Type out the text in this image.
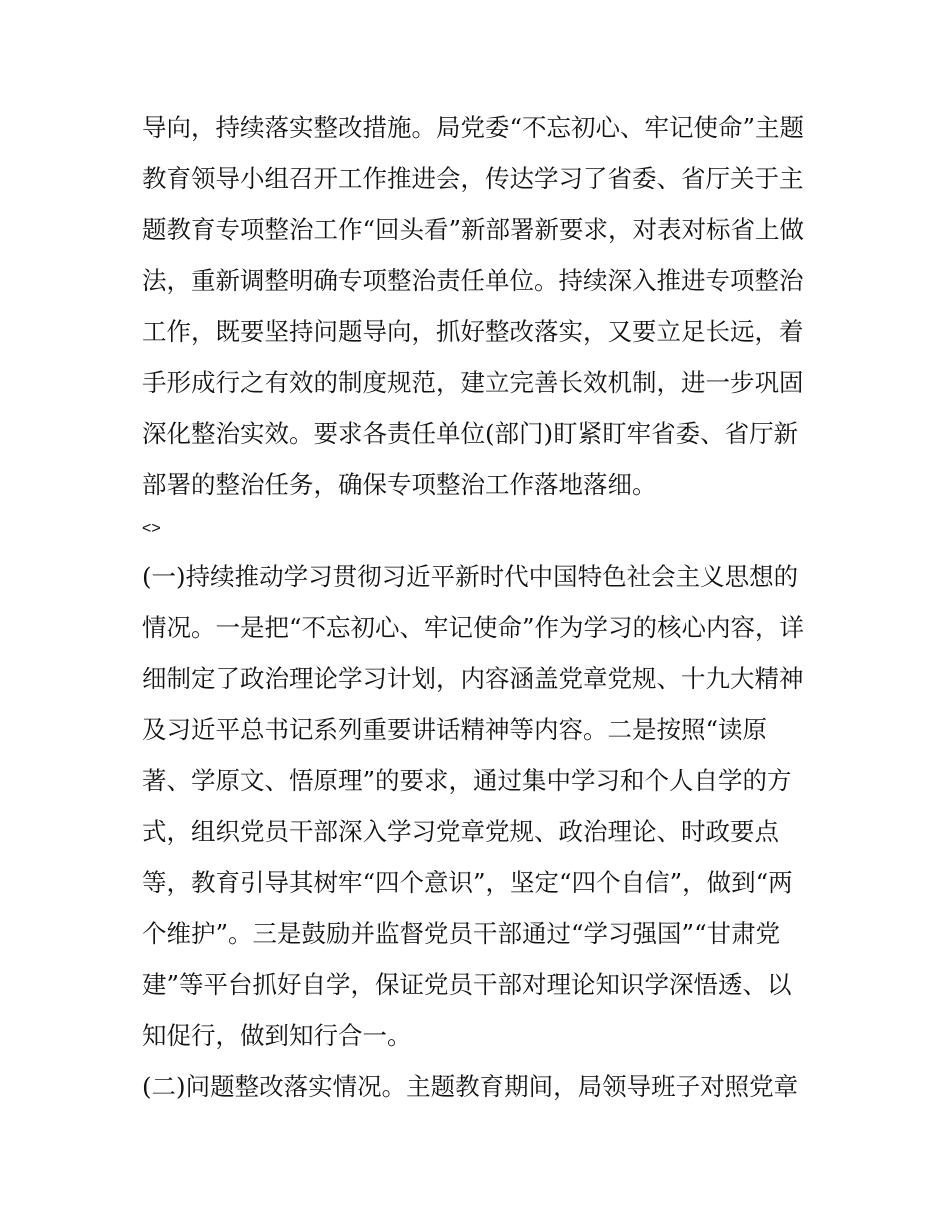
导向，持续落实整改措施。局党委“不忘初心、牢记使命”主题
教育领导小组召开工作推进会，传达学习了省委、省厅关于主
题教育专项整治工作“回头看”新部署新要求，对表对标省上做
法，重新调整明确专项整治责任单位。持续深入推进专项整治
工作，既要坚持问题导向，抓好整改落实，又要立足长远，着
手形成行之有效的制度规范，建立完善长效机制，进一步巩固
深化整治实效。要求各责任单位(部门)盯紧盯牢省委、省厅新
部署的整治任务，确保专项整治工作落地落细。
<>
(一)持续推动学习贯彻习近平新时代中国特色社会主义思想的
情况。一是把“不忘初心、牢记使命”作为学习的核心内容，详
细制定了政治理论学习计划，内容涵盖党章党规、十九大精神
及习近平总书记系列重要讲话精神等内容。二是按照“读原
著、学原文、悟原理”的要求，通过集中学习和个人自学的方
式，组织党员干部深入学习党章党规、政治理论、时政要点
等，教育引导其树牢“四个意识”，坚定“四个自信”，做到“两
个维护”。三是鼓励并监督党员干部通过“学习强国”“甘肃党
建”等平台抓好自学，保证党员干部对理论知识学深悟透、以
知促行，做到知行合一。
(二)问题整改落实情况。主题教育期间，局领导班子对照党章
